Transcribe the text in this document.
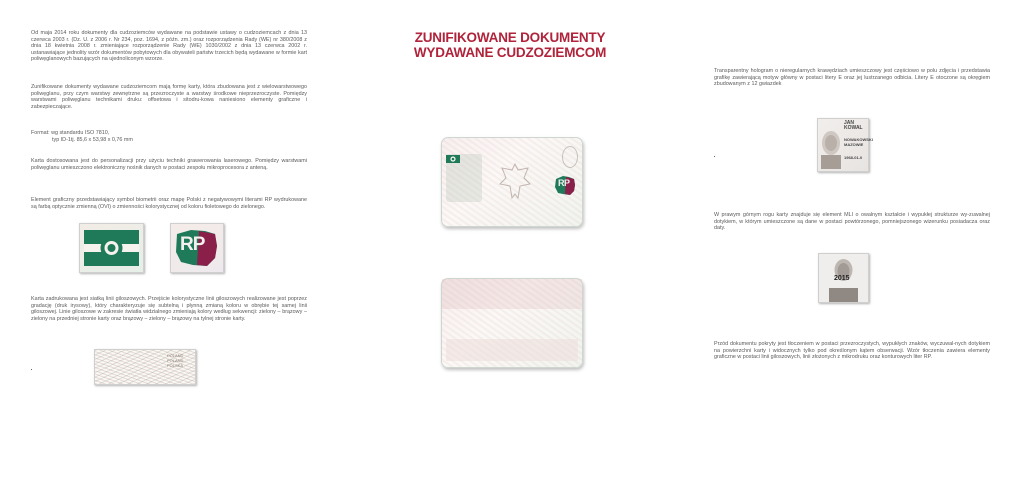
Od maja 2014 roku dokumenty dla cudzoziemców wydawane na podstawie ustawy o cudzoziemcach z dnia 13 czerwca 2003 r. (Dz. U. z 2006 r. Nr 234, poz. 1694, z późn. zm.) oraz rozporządzenia Rady (WE) nr 380/2008 z dnia 18 kwietnia 2008 r. zmieniające rozporządzenie Rady (WE) 1030/2002 z dnia 13 czerwca 2002 r. ustanawiające jednolity wzór dokumentów pobytowych dla obywateli państw trzecich będą wydawane w formie kart poliwęglanowych bazujących na ujednoliconym wzorze.
Zunifikowane dokumenty wydawane cudzoziemcom mają formę karty, która zbudowana jest z wielowarstwowego poliwęglanu, przy czym warstwy zewnętrzne są przezroczyste a warstwy środkowe nieprzezroczyste. Pomiędzy warstwami poliwęglanu technikami druku: offsetowa i sitodru-kowa naniesiono elementy graficzne i zabezpieczające.
Format: wg standardu ISO 7810,
typ ID-1tj. 85,6 x 53,98 x 0,76 mm
Karta dostosowana jest do personalizacji przy użyciu techniki grawerowania laserowego. Pomiędzy warstwami poliwęglanu umieszczono elektroniczny nośnik danych w postaci zespołu mikroprocesora z anteną.
Element graficzny przedstawiający symbol biometrii oraz mapę Polski z negatywowymi literami RP wydrukowane są farbą optycznie zmienną (OVI) o zmienności kolorystycznej od koloru fioletowego do zielonego.
RP
Karta zadrukowana jest siatką linii giloszowych. Przejście kolorystyczne linii giloszowych realizowane jest poprzez gradację (druk irysowy), który charakteryzuje się subtelną i płynną zmianą koloru w obrębie tej samej linii giloszowej. Linie giloszowe w zakresie światła widzialnego zmieniają kolory według sekwencji: zielony – brązowy – zielony na przedniej stronie karty oraz brązowy – zielony – brązowy na tylnej stronie karty.
POLAND
POLAND
POLSKA
ZUNIFIKOWANE DOKUMENTY
WYDAWANE CUDZOZIEMCOM
RP
Transparentny hologram o nieregularnych krawędziach umieszczowy jest częściowo w polu zdjęcia i przedstawia grafikę zawierającą motyw główny w postaci litery E oraz jej lustrzanego odbicia. Litery E otoczone są okręgiem zbudowanym z 12 gwiazdek
JAN
KOWAL
NOWAKOWSKI
MAZOWIE
1968-01-0
W prawym górnym rogu karty znajduje się element MLI o owalnym kształcie i wypukłej strukturze wy-zuwalnej dotykiem, w którym umieszczone są dane w postaci powtórzonego, pomniejszonego wizerunku posiadacza oraz daty.
2015
Przód dokumentu pokryty jest tłoczeniem w postaci przezroczystych, wypukłych znaków, wyczuwal-nych dotykiem na powierzchni karty i widocznych tylko pod określonym kątem obserwacji. Wzór tłoczenia zawiera elementy graficzne w postaci linii giloszowych, linii złożonych z mikrodruku oraz konturowych liter RP.
